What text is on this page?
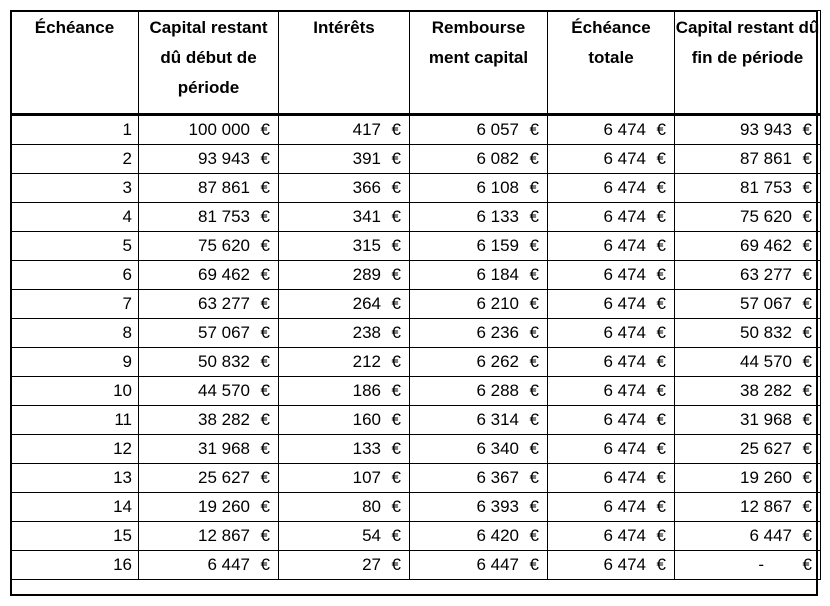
Échéance	Capital restant dû début de période	Intérêts	Rembourse ment capital	Échéance totale	Capital restant dû fin de période
1	100 000 €	417 €	6 057 €	6 474 €	93 943 €
2	93 943 €	391 €	6 082 €	6 474 €	87 861 €
3	87 861 €	366 €	6 108 €	6 474 €	81 753 €
4	81 753 €	341 €	6 133 €	6 474 €	75 620 €
5	75 620 €	315 €	6 159 €	6 474 €	69 462 €
6	69 462 €	289 €	6 184 €	6 474 €	63 277 €
7	63 277 €	264 €	6 210 €	6 474 €	57 067 €
8	57 067 €	238 €	6 236 €	6 474 €	50 832 €
9	50 832 €	212 €	6 262 €	6 474 €	44 570 €
10	44 570 €	186 €	6 288 €	6 474 €	38 282 €
11	38 282 €	160 €	6 314 €	6 474 €	31 968 €
12	31 968 €	133 €	6 340 €	6 474 €	25 627 €
13	25 627 €	107 €	6 367 €	6 474 €	19 260 €
14	19 260 €	80 €	6 393 €	6 474 €	12 867 €
15	12 867 €	54 €	6 420 €	6 474 €	6 447 €
16	6 447 €	27 €	6 447 €	6 474 €	- €
